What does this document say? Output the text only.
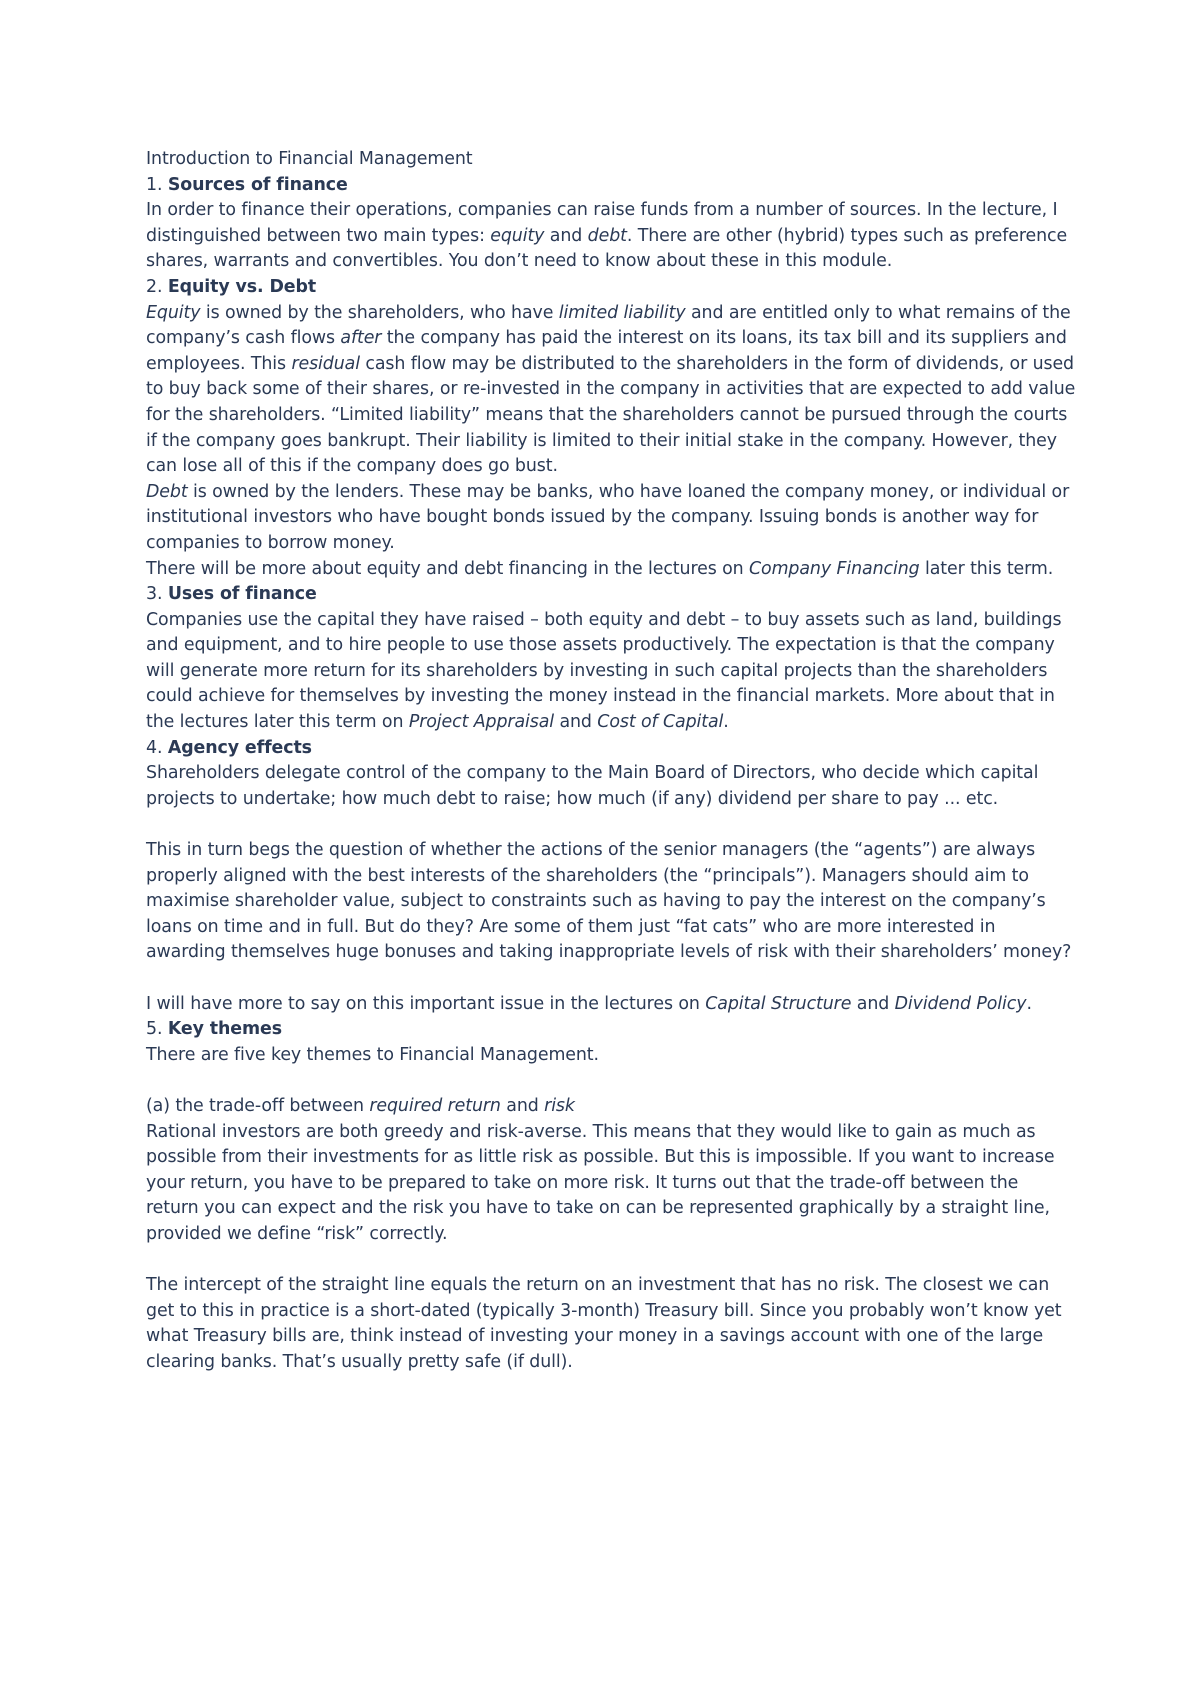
Introduction to Financial Management

1. Sources of finance

In order to finance their operations, companies can raise funds from a number of sources. In the lecture, I distinguished between two main types: equity and debt. There are other (hybrid) types such as preference shares, warrants and convertibles. You don’t need to know about these in this module.

2. Equity vs. Debt

Equity is owned by the shareholders, who have limited liability and are entitled only to what remains of the company’s cash flows after the company has paid the interest on its loans, its tax bill and its suppliers and employees. This residual cash flow may be distributed to the shareholders in the form of dividends, or used to buy back some of their shares, or re-invested in the company in activities that are expected to add value for the shareholders. “Limited liability” means that the shareholders cannot be pursued through the courts if the company goes bankrupt. Their liability is limited to their initial stake in the company. However, they can lose all of this if the company does go bust.

Debt is owned by the lenders. These may be banks, who have loaned the company money, or individual or institutional investors who have bought bonds issued by the company. Issuing bonds is another way for companies to borrow money.

There will be more about equity and debt financing in the lectures on Company Financing later this term.

3. Uses of finance

Companies use the capital they have raised – both equity and debt – to buy assets such as land, buildings and equipment, and to hire people to use those assets productively. The expectation is that the company will generate more return for its shareholders by investing in such capital projects than the shareholders could achieve for themselves by investing the money instead in the financial markets. More about that in the lectures later this term on Project Appraisal and Cost of Capital.

4. Agency effects

Shareholders delegate control of the company to the Main Board of Directors, who decide which capital projects to undertake; how much debt to raise; how much (if any) dividend per share to pay ... etc.

This in turn begs the question of whether the actions of the senior managers (the “agents”) are always properly aligned with the best interests of the shareholders (the “principals”). Managers should aim to maximise shareholder value, subject to constraints such as having to pay the interest on the company’s loans on time and in full. But do they? Are some of them just “fat cats” who are more interested in awarding themselves huge bonuses and taking inappropriate levels of risk with their shareholders’ money?

I will have more to say on this important issue in the lectures on Capital Structure and Dividend Policy.

5. Key themes

There are five key themes to Financial Management.

(a) the trade-off between required return and risk

Rational investors are both greedy and risk-averse. This means that they would like to gain as much as possible from their investments for as little risk as possible. But this is impossible. If you want to increase your return, you have to be prepared to take on more risk. It turns out that the trade-off between the return you can expect and the risk you have to take on can be represented graphically by a straight line, provided we define “risk” correctly.

The intercept of the straight line equals the return on an investment that has no risk. The closest we can get to this in practice is a short-dated (typically 3-month) Treasury bill. Since you probably won’t know yet what Treasury bills are, think instead of investing your money in a savings account with one of the large clearing banks. That’s usually pretty safe (if dull).
